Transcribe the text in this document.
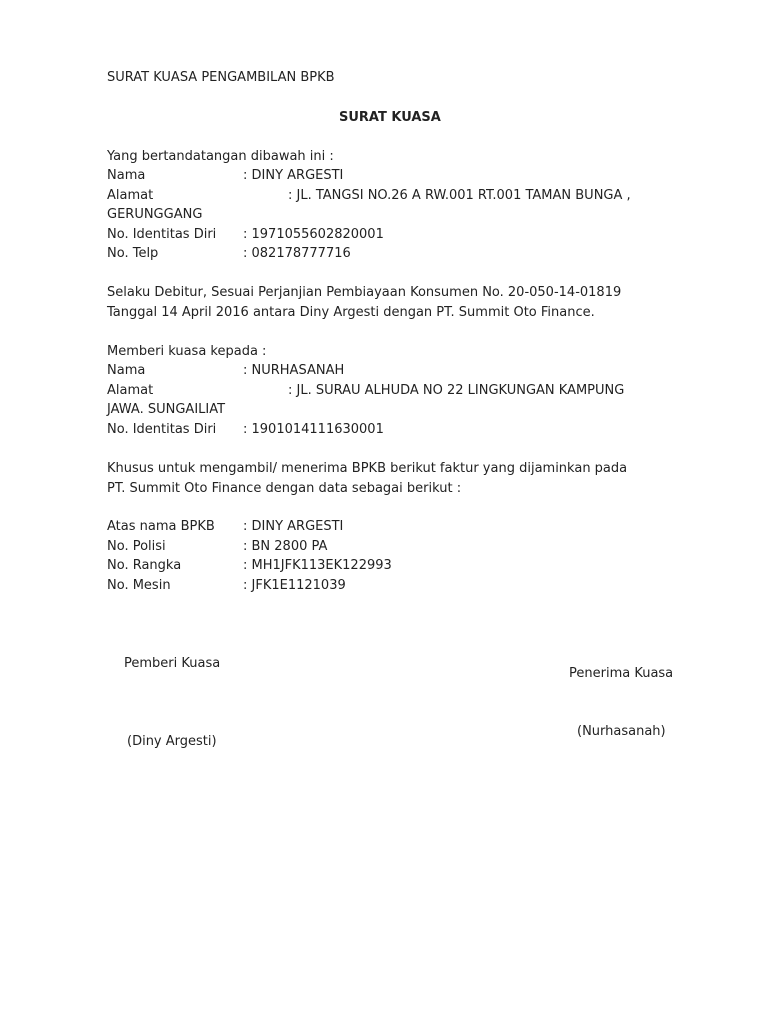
SURAT KUASA PENGAMBILAN BPKB
SURAT KUASA
Yang bertandatangan dibawah ini :
Nama	: DINY ARGESTI
Alamat	: JL. TANGSI NO.26 A RW.001 RT.001 TAMAN BUNGA ,
GERUNGGANG
No. Identitas Diri : 1971055602820001
No. Telp	: 082178777716
Selaku Debitur, Sesuai Perjanjian Pembiayaan Konsumen No. 20-050-14-01819
Tanggal 14 April 2016 antara Diny Argesti dengan PT. Summit Oto Finance.
Memberi kuasa kepada :
Nama	: NURHASANAH
Alamat	: JL. SURAU ALHUDA NO 22 LINGKUNGAN KAMPUNG
JAWA. SUNGAILIAT
No. Identitas Diri : 1901014111630001
Khusus untuk mengambil/ menerima BPKB berikut faktur yang dijaminkan pada
PT. Summit Oto Finance dengan data sebagai berikut :
Atas nama BPKB : DINY ARGESTI
No. Polisi	: BN 2800 PA
No. Rangka	: MH1JFK113EK122993
No. Mesin	: JFK1E1121039
Pemberi Kuasa
Penerima Kuasa
(Nurhasanah)
(Diny Argesti)
